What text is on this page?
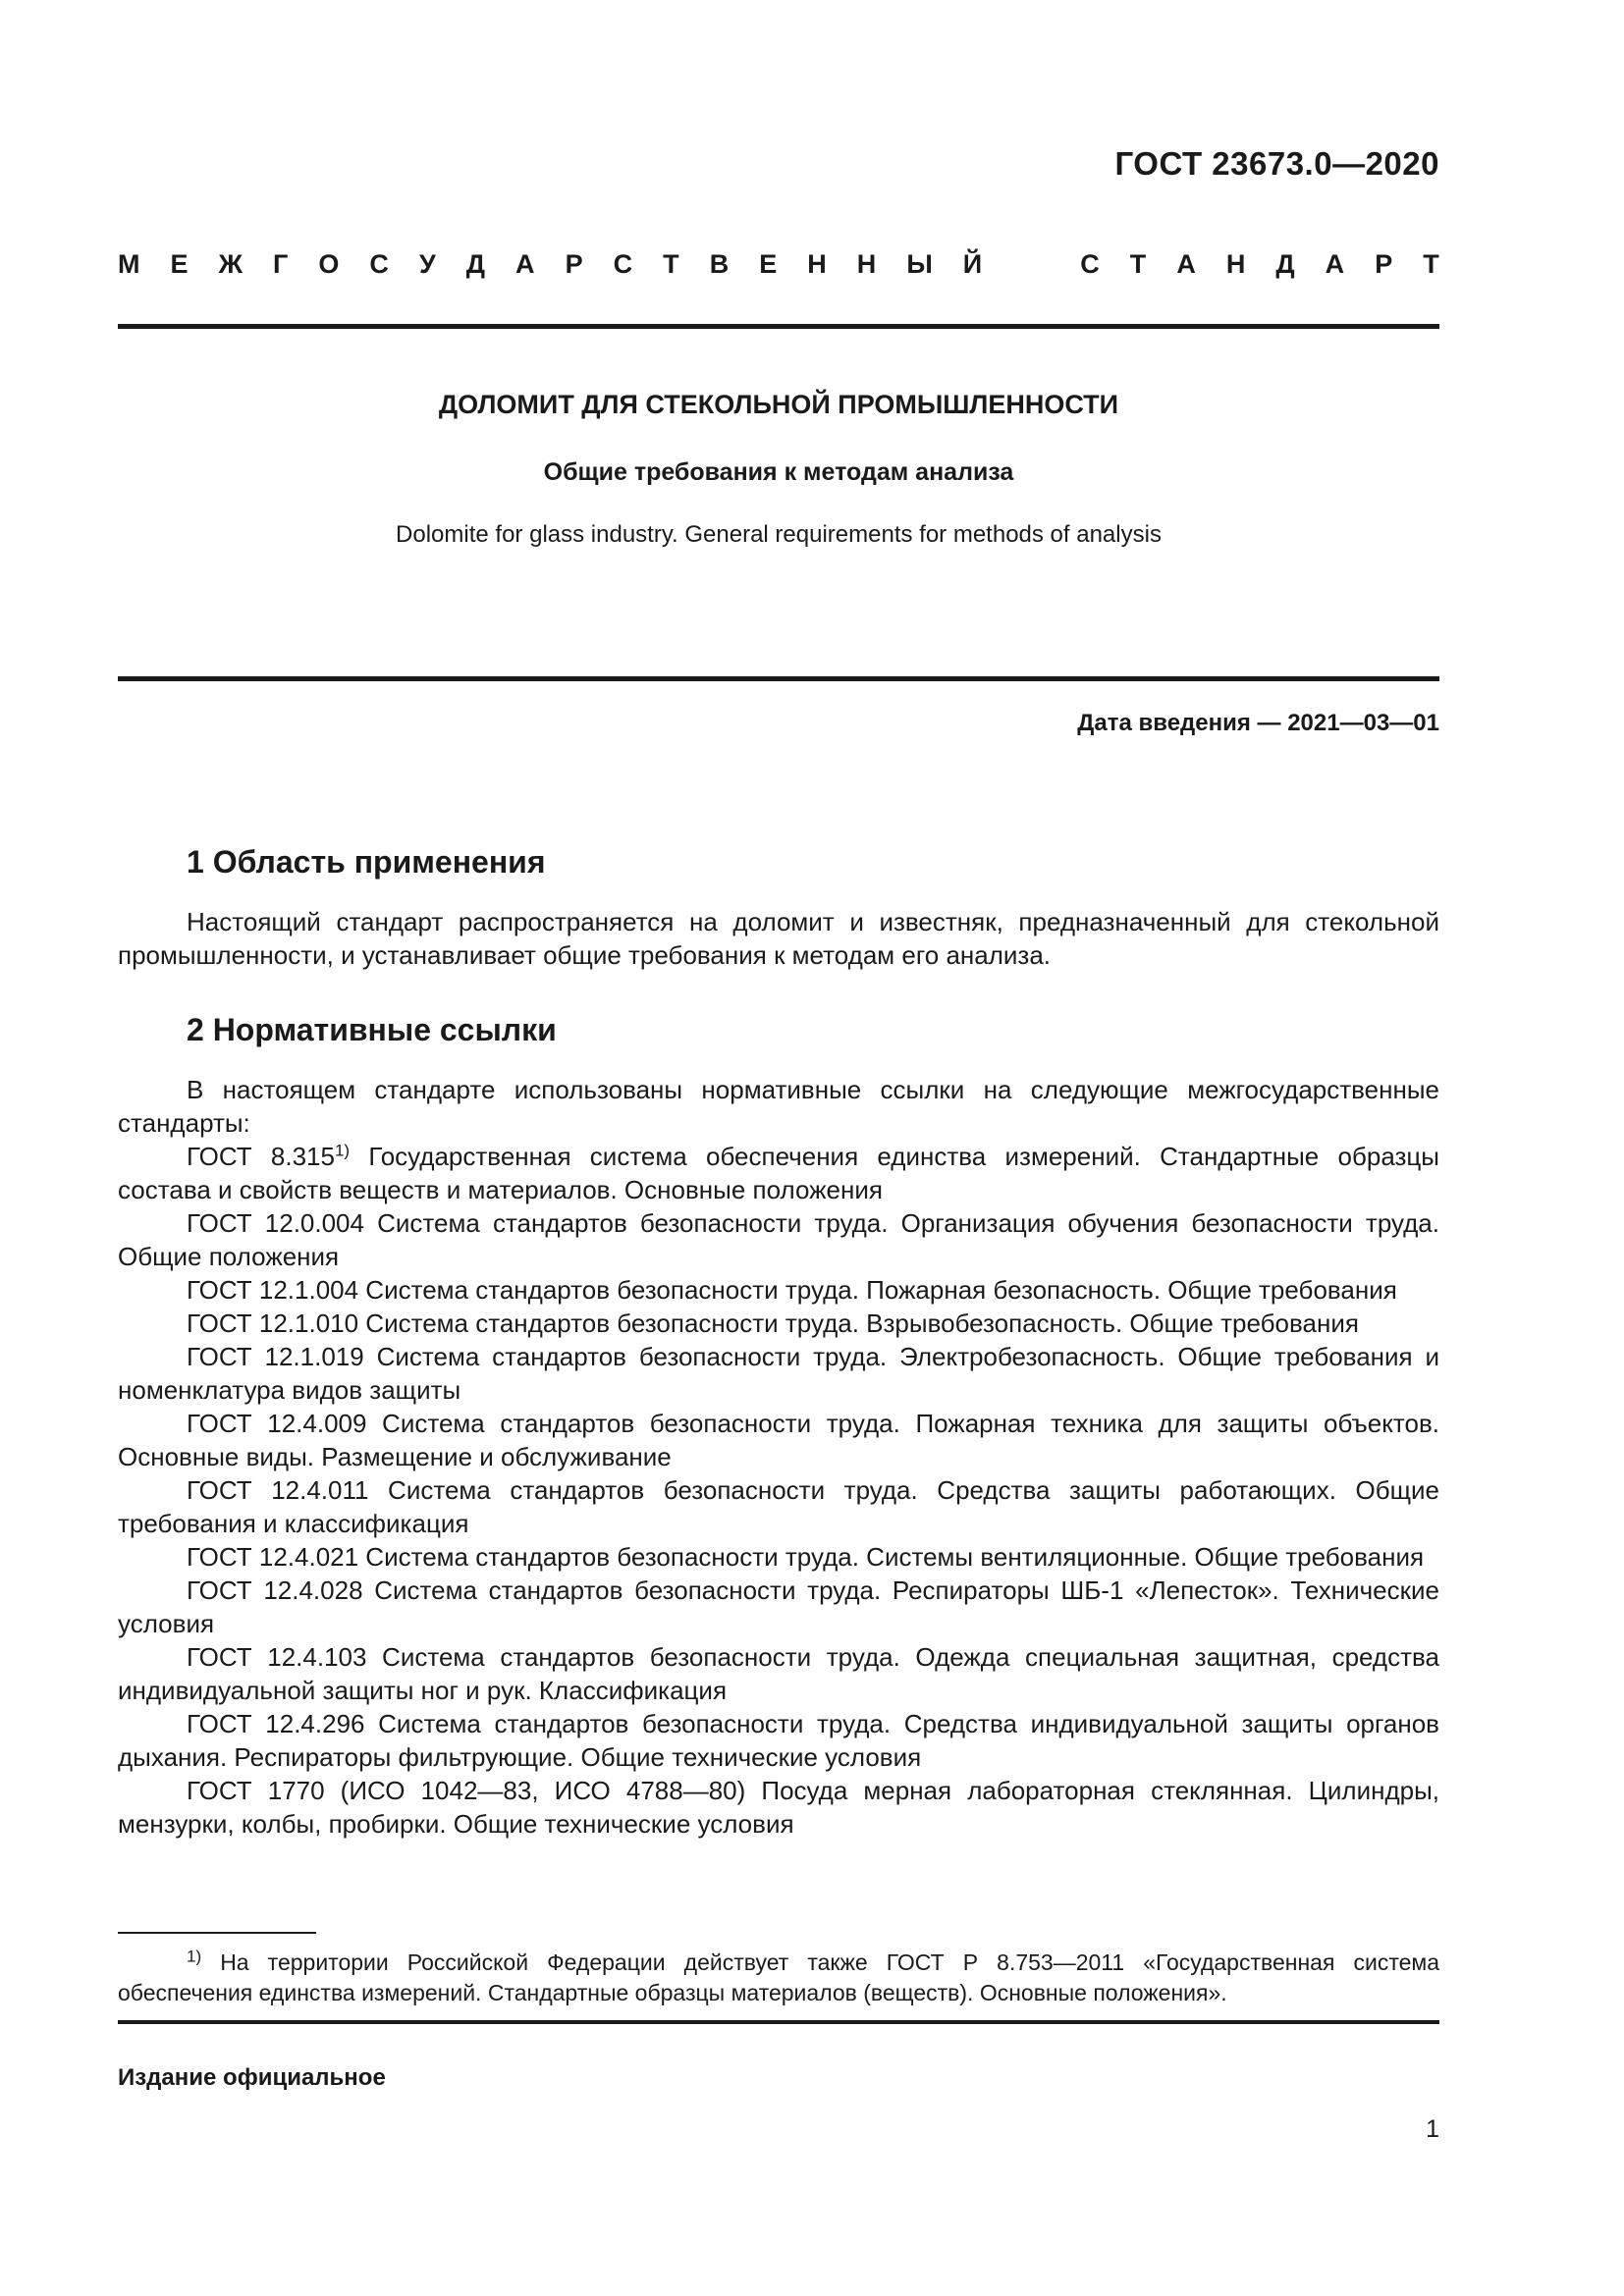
ГОСТ 23673.0—2020
М Е Ж Г О С У Д А Р С Т В Е Н Н Ы Й	С Т А Н Д А Р Т
ДОЛОМИТ ДЛЯ СТЕКОЛЬНОЙ ПРОМЫШЛЕННОСТИ
Общие требования к методам анализа
Dolomite for glass industry. General requirements for methods of analysis
Дата введения — 2021—03—01
1 Область применения

Настоящий стандарт распространяется на доломит и известняк, предназначенный для стекольной промышленности, и устанавливает общие требования к методам его анализа.

2 Нормативные ссылки

В настоящем стандарте использованы нормативные ссылки на следующие межгосударственные стандарты:

ГОСТ 8.315$^{1)}$ Государственная система обеспечения единства измерений. Стандартные образцы состава и свойств веществ и материалов. Основные положения

ГОСТ 12.0.004 Система стандартов безопасности труда. Организация обучения безопасности труда. Общие положения

ГОСТ 12.1.004 Система стандартов безопасности труда. Пожарная безопасность. Общие требования

ГОСТ 12.1.010 Система стандартов безопасности труда. Взрывобезопасность. Общие требования

ГОСТ 12.1.019 Система стандартов безопасности труда. Электробезопасность. Общие требования и номенклатура видов защиты

ГОСТ 12.4.009 Система стандартов безопасности труда. Пожарная техника для защиты объектов. Основные виды. Размещение и обслуживание

ГОСТ 12.4.011 Система стандартов безопасности труда. Средства защиты работающих. Общие требования и классификация

ГОСТ 12.4.021 Система стандартов безопасности труда. Системы вентиляционные. Общие требования

ГОСТ 12.4.028 Система стандартов безопасности труда. Респираторы ШБ-1 «Лепесток». Технические условия

ГОСТ 12.4.103 Система стандартов безопасности труда. Одежда специальная защитная, средства индивидуальной защиты ног и рук. Классификация

ГОСТ 12.4.296 Система стандартов безопасности труда. Средства индивидуальной защиты органов дыхания. Респираторы фильтрующие. Общие технические условия

ГОСТ 1770 (ИСО 1042—83, ИСО 4788—80) Посуда мерная лабораторная стеклянная. Цилиндры, мензурки, колбы, пробирки. Общие технические условия

$^{1)}$ На территории Российской Федерации действует также ГОСТ Р 8.753—2011 «Государственная система обеспечения единства измерений. Стандартные образцы материалов (веществ). Основные положения».

Издание официальное
1
